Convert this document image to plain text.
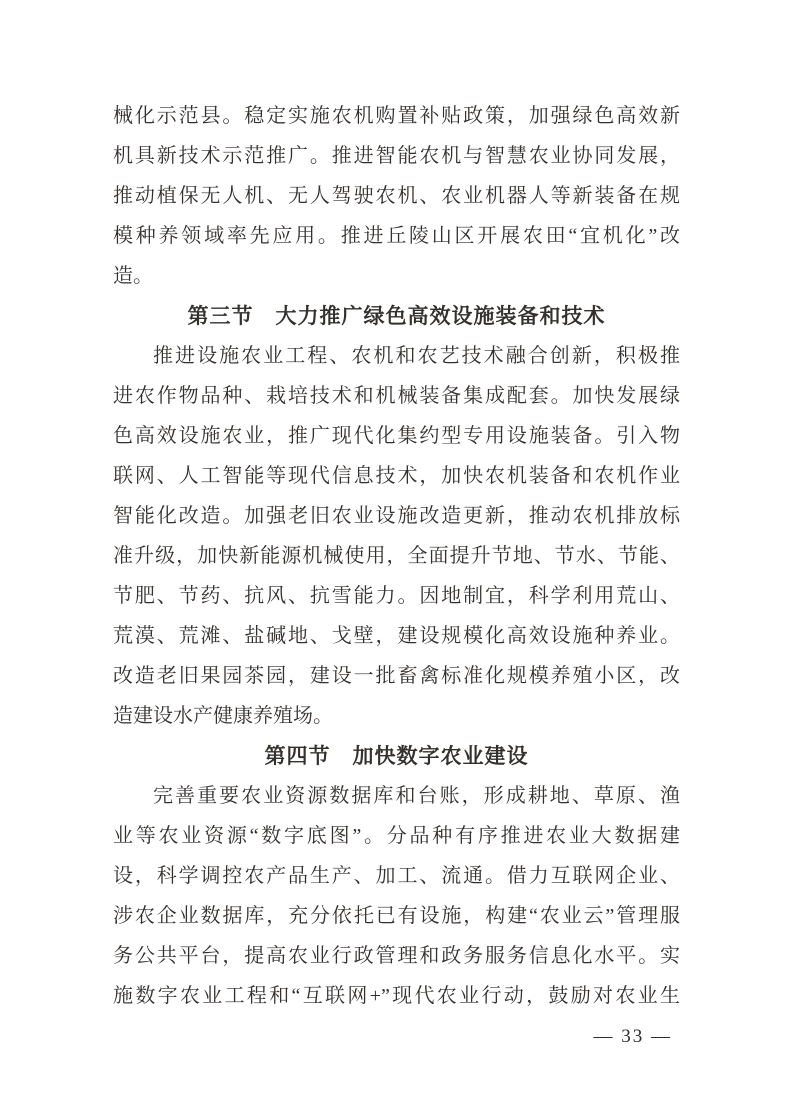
械化示范县。稳定实施农机购置补贴政策，加强绿色高效新
机具新技术示范推广。推进智能农机与智慧农业协同发展，
推动植保无人机、无人驾驶农机、农业机器人等新装备在规
模种养领域率先应用。推进丘陵山区开展农田“宜机化”改
造。
第三节　大力推广绿色高效设施装备和技术
推进设施农业工程、农机和农艺技术融合创新，积极推
进农作物品种、栽培技术和机械装备集成配套。加快发展绿
色高效设施农业，推广现代化集约型专用设施装备。引入物
联网、人工智能等现代信息技术，加快农机装备和农机作业
智能化改造。加强老旧农业设施改造更新，推动农机排放标
准升级，加快新能源机械使用，全面提升节地、节水、节能、
节肥、节药、抗风、抗雪能力。因地制宜，科学利用荒山、
荒漠、荒滩、盐碱地、戈壁，建设规模化高效设施种养业。
改造老旧果园茶园，建设一批畜禽标准化规模养殖小区，改
造建设水产健康养殖场。
第四节　加快数字农业建设
完善重要农业资源数据库和台账，形成耕地、草原、渔
业等农业资源“数字底图”。分品种有序推进农业大数据建
设，科学调控农产品生产、加工、流通。借力互联网企业、
涉农企业数据库，充分依托已有设施，构建“农业云”管理服
务公共平台，提高农业行政管理和政务服务信息化水平。实
施数字农业工程和“互联网+”现代农业行动，鼓励对农业生
— 33 —
